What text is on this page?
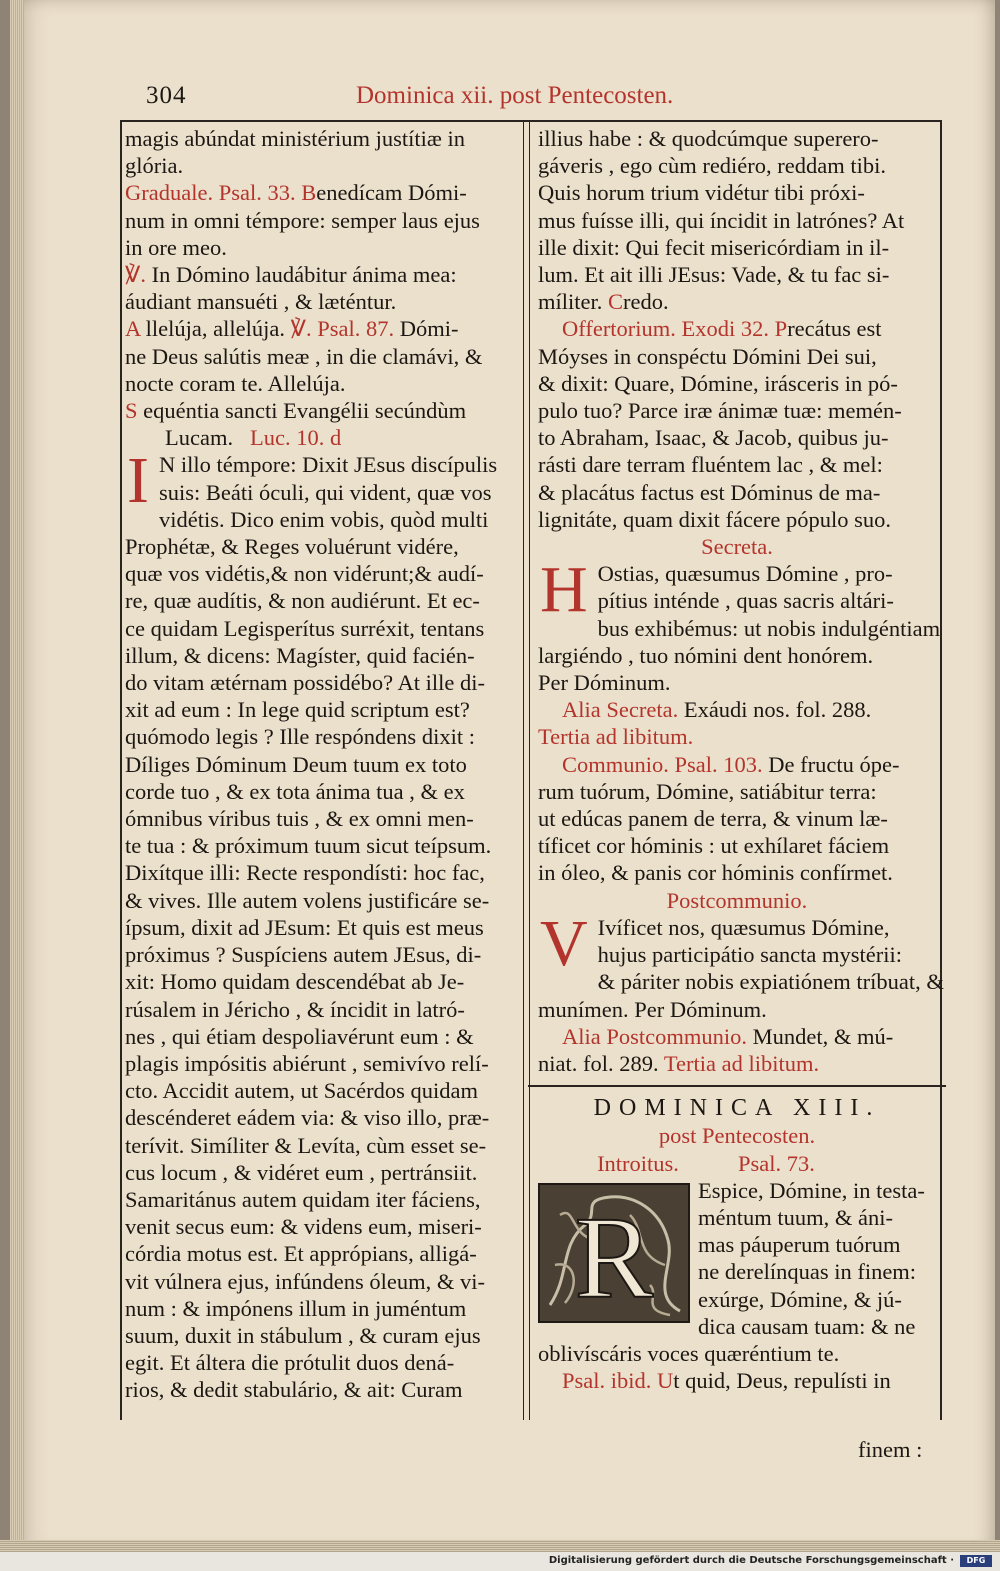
304	Dominica xii. post Pentecosten.
magis abúndat ministérium justítiæ in
glória.
Graduale. Psal. 33. Benedícam Dómi-
num in omni témpore: semper laus ejus
in ore meo.
℣. In Dómino laudábitur ánima mea:
áudiant mansuéti , & læténtur.
A llelúja, allelúja. ℣. Psal. 87. Dómi-
ne Deus salútis meæ , in die clamávi, &
nocte coram te. Allelúja.
S equéntia sancti Evangélii secúndùm
Lucam. Luc. 10. d

I N illo témpore: Dixit JEsus discípulis
suis: Beáti óculi, qui vident, quæ vos
vidétis. Dico enim vobis, quòd multi
Prophétæ, & Reges voluérunt vidére,
quæ vos vidétis,& non vidérunt;& audí-
re, quæ audítis, & non audiérunt. Et ec-
ce quidam Legisperítus surréxit, tentans
illum, & dicens: Magíster, quid facién-
do vitam ætérnam possidébo? At ille di-
xit ad eum : In lege quid scriptum est?
quómodo legis ? Ille respóndens dixit :
Díliges Dóminum Deum tuum ex toto
corde tuo , & ex tota ánima tua , & ex
ómnibus víribus tuis , & ex omni men-
te tua : & próximum tuum sicut teípsum.
Dixítque illi: Recte respondísti: hoc fac,
& vives. Ille autem volens justificáre se-
ípsum, dixit ad JEsum: Et quis est meus
próximus ? Suspíciens autem JEsus, di-
xit: Homo quidam descendébat ab Je-
rúsalem in Jéricho , & íncidit in latró-
nes , qui étiam despoliavérunt eum : &
plagis impósitis abiérunt , semivívo relí-
cto. Accidit autem, ut Sacérdos quidam
descénderet eádem via: & viso illo, præ-
terívit. Simíliter & Levíta, cùm esset se-
cus locum , & vidéret eum , pertránsiit.
Samaritánus autem quidam iter fáciens,
venit secus eum: & videns eum, miseri-
córdia motus est. Et apprópians, alligá-
vit vúlnera ejus, infúndens óleum, & vi-
num : & impónens illum in juméntum
suum, duxit in stábulum , & curam ejus
egit. Et áltera die prótulit duos dená-
rios, & dedit stabulário, & ait: Curam

illius habe : & quodcúmque superero-
gáveris , ego cùm rediéro, reddam tibi.
Quis horum trium vidétur tibi próxi-
mus fuísse illi, qui íncidit in latrónes? At
ille dixit: Qui fecit misericórdiam in il-
lum. Et ait illi JEsus: Vade, & tu fac si-
míliter. Credo.
Offertorium. Exodi 32. Precátus est
Móyses in conspéctu Dómini Dei sui,
& dixit: Quare, Dómine, irásceris in pó-
pulo tuo? Parce iræ ánimæ tuæ: memén-
to Abraham, Isaac, & Jacob, quibus ju-
rásti dare terram fluéntem lac , & mel:
& placátus factus est Dóminus de ma-
lignitáte, quam dixit fácere pópulo suo.
Secreta.

H Ostias, quæsumus Dómine , pro-
pítius inténde , quas sacris altári-
bus exhibémus: ut nobis indulgéntiam
largiéndo , tuo nómini dent honórem.
Per Dóminum.

Alia Secreta. Exáudi nos. fol. 288.
Tertia ad libitum.
Communio. Psal. 103. De fructu ópe-
rum tuórum, Dómine, satiábitur terra:
ut edúcas panem de terra, & vinum læ-
tíficet cor hóminis : ut exhílaret fáciem
in óleo, & panis cor hóminis confírmet.
Postcommunio.

V Ivíficet nos, quæsumus Dómine,
hujus participátio sancta mystérii:
& páriter nobis expiatiónem tríbuat, &
munímen. Per Dóminum.

Alia Postcommunio. Mundet, & mú-
niat. fol. 289. Tertia ad libitum.
DOMINICA XIII.
post Pentecosten.
Introitus.	Psal. 73.

R
Espice, Dómine, in testa-
méntum tuum, & áni-
mas páuperum tuórum
ne derelínquas in finem:
exúrge, Dómine, & jú-
dica causam tuam: & ne

oblivíscáris voces quæréntium te.
Psal. ibid. Ut quid, Deus, repulísti in
finem :
Digitalisierung gefördert durch die Deutsche Forschungsgemeinschaft ·	DFG
